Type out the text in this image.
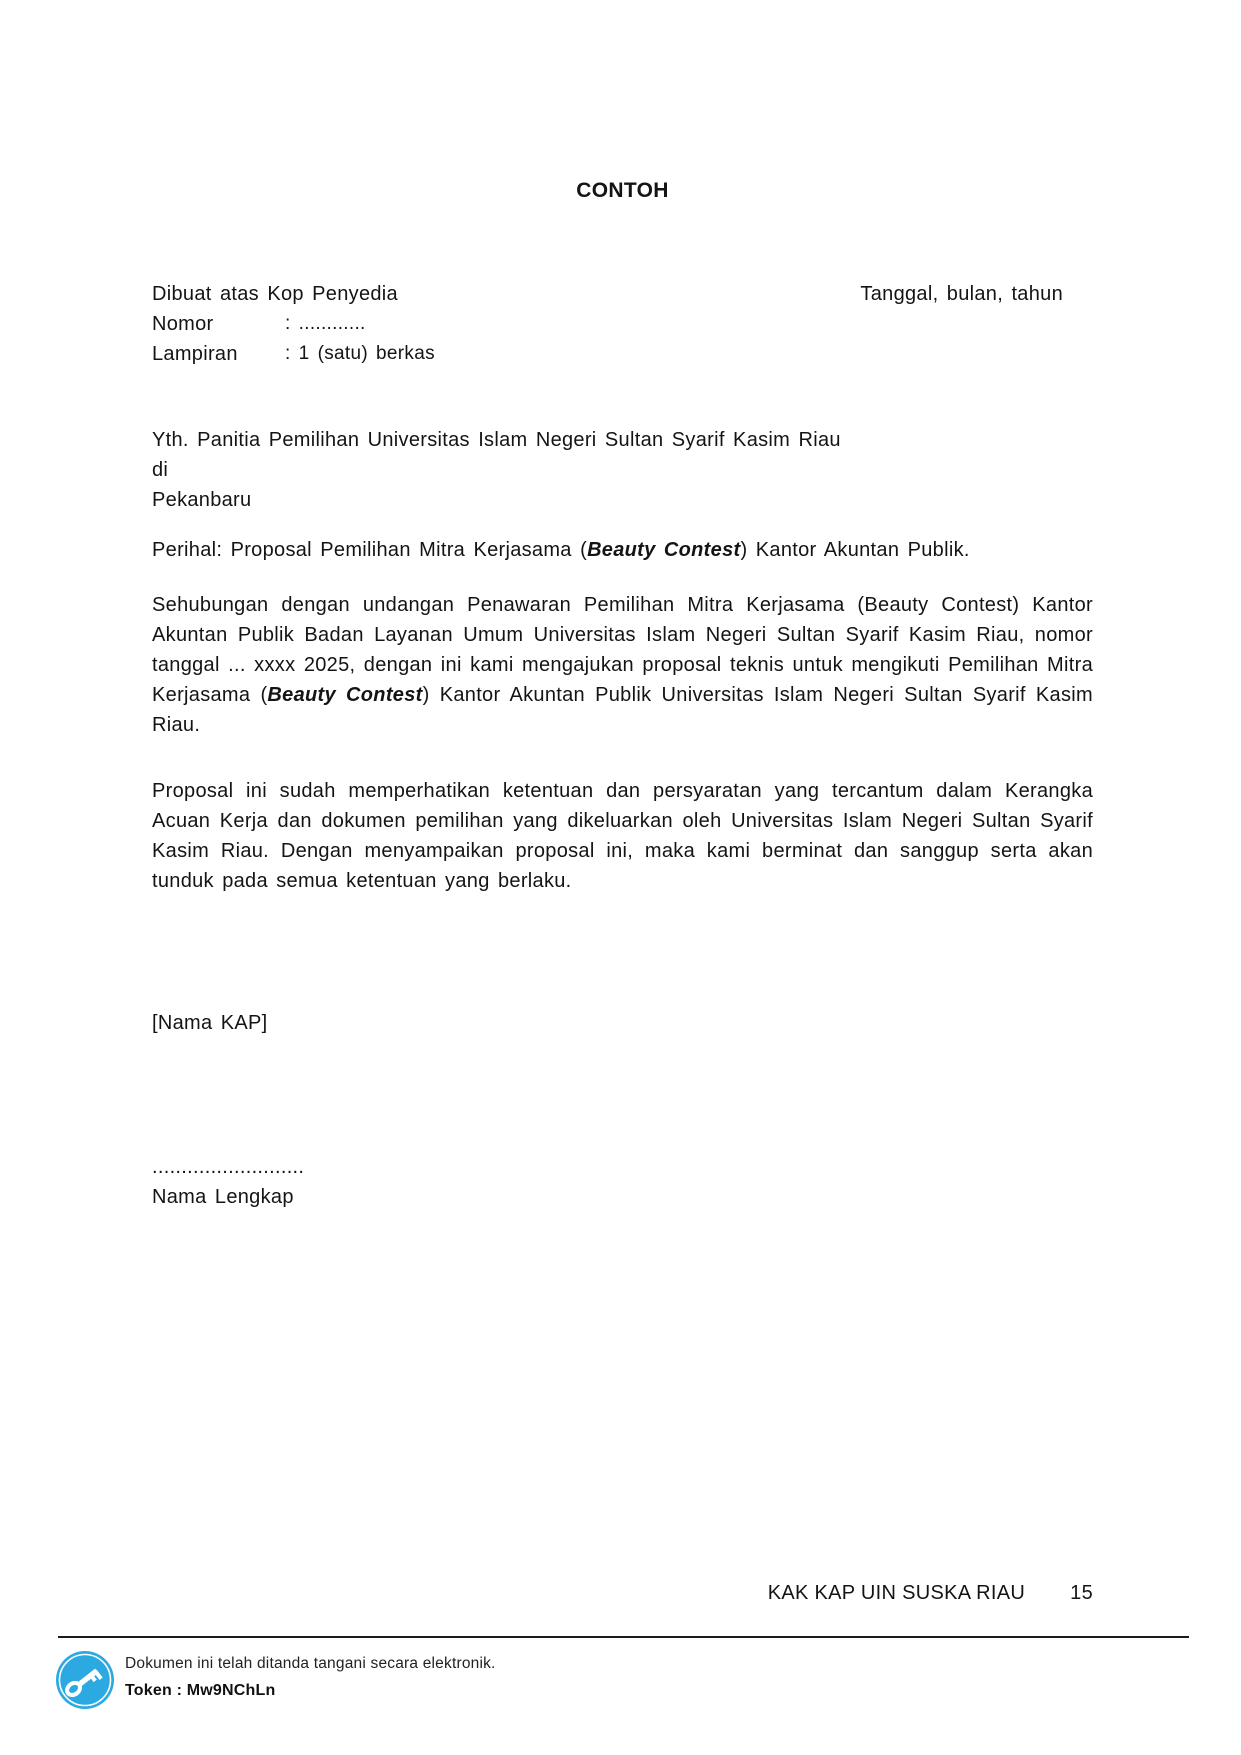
CONTOH
Dibuat atas Kop Penyedia	Tanggal, bulan, tahun
Nomor	: ............
Lampiran	: 1 (satu) berkas
Yth. Panitia Pemilihan Universitas Islam Negeri Sultan Syarif Kasim Riau
di
Pekanbaru
Perihal: Proposal Pemilihan Mitra Kerjasama (Beauty Contest) Kantor Akuntan Publik.
Sehubungan dengan undangan Penawaran Pemilihan Mitra Kerjasama (Beauty Contest) Kantor Akuntan Publik Badan Layanan Umum Universitas Islam Negeri Sultan Syarif Kasim Riau, nomor tanggal ... xxxx 2025, dengan ini kami mengajukan proposal teknis untuk mengikuti Pemilihan Mitra Kerjasama (Beauty Contest) Kantor Akuntan Publik Universitas Islam Negeri Sultan Syarif Kasim Riau.
Proposal ini sudah memperhatikan ketentuan dan persyaratan yang tercantum dalam Kerangka Acuan Kerja dan dokumen pemilihan yang dikeluarkan oleh Universitas Islam Negeri Sultan Syarif Kasim Riau. Dengan menyampaikan proposal ini, maka kami berminat dan sanggup serta akan tunduk pada semua ketentuan yang berlaku.
[Nama KAP]
..........................
Nama Lengkap
KAK KAP UIN SUSKA RIAU 15
Dokumen ini telah ditanda tangani secara elektronik.
Token : Mw9NChLn
